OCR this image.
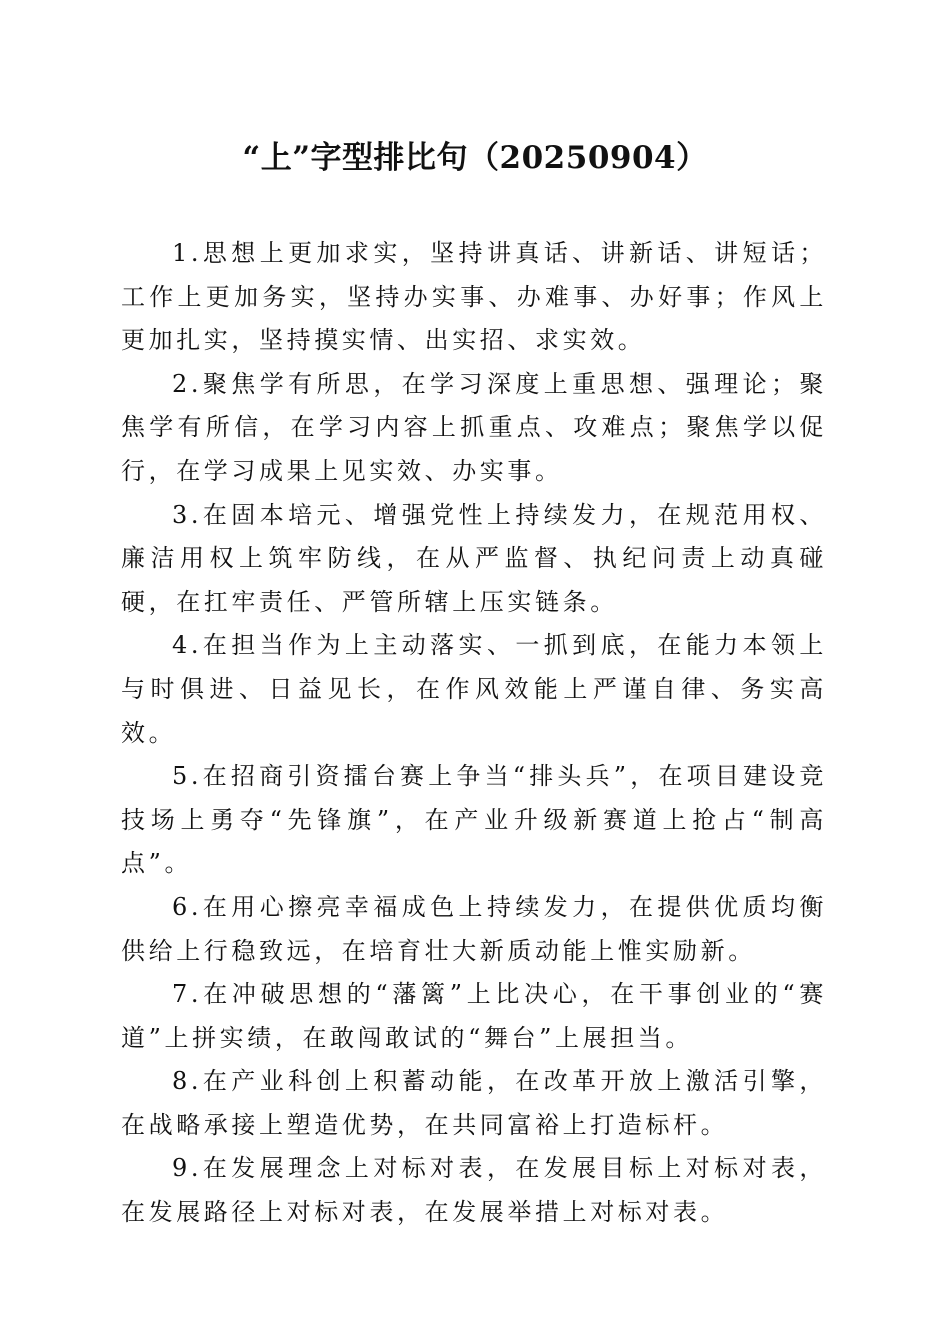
“上”字型排比句（20250904）

1.思想上更加求实，坚持讲真话、讲新话、讲短话；工作上更加务实，坚持办实事、办难事、办好事；作风上更加扎实，坚持摸实情、出实招、求实效。

2.聚焦学有所思，在学习深度上重思想、强理论；聚焦学有所信，在学习内容上抓重点、攻难点；聚焦学以促行，在学习成果上见实效、办实事。

3.在固本培元、增强党性上持续发力，在规范用权、廉洁用权上筑牢防线，在从严监督、执纪问责上动真碰硬，在扛牢责任、严管所辖上压实链条。

4.在担当作为上主动落实、一抓到底，在能力本领上与时俱进、日益见长，在作风效能上严谨自律、务实高效。

5.在招商引资擂台赛上争当“排头兵”，在项目建设竞技场上勇夺“先锋旗”，在产业升级新赛道上抢占“制高点”。

6.在用心擦亮幸福成色上持续发力，在提供优质均衡供给上行稳致远，在培育壮大新质动能上惟实励新。

7.在冲破思想的“藩篱”上比决心，在干事创业的“赛道”上拼实绩，在敢闯敢试的“舞台”上展担当。

8.在产业科创上积蓄动能，在改革开放上激活引擎，在战略承接上塑造优势，在共同富裕上打造标杆。

9.在发展理念上对标对表，在发展目标上对标对表，在发展路径上对标对表，在发展举措上对标对表。
